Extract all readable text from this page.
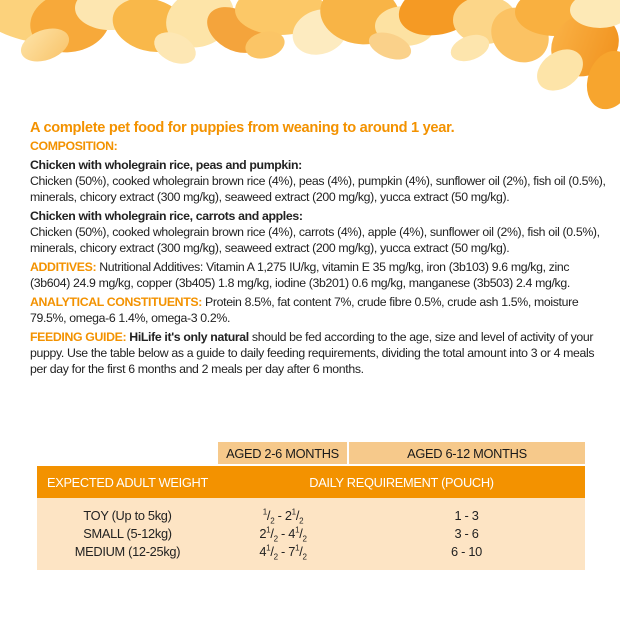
A complete pet food for puppies from weaning to around 1 year.

COMPOSITION:
Chicken with wholegrain rice, peas and pumpkin:

Chicken (50%), cooked wholegrain brown rice (4%), peas (4%), pumpkin (4%), sunflower oil (2%), fish oil (0.5%), minerals, chicory extract (300 mg/kg), seaweed extract (200 mg/kg), yucca extract (50 mg/kg).

Chicken with wholegrain rice, carrots and apples:

Chicken (50%), cooked wholegrain brown rice (4%), carrots (4%), apple (4%), sunflower oil (2%), fish oil (0.5%), minerals, chicory extract (300 mg/kg), seaweed extract (200 mg/kg), yucca extract (50 mg/kg).

ADDITIVES: Nutritional Additives: Vitamin A 1,275 IU/kg, vitamin E 35 mg/kg, iron (3b103) 9.6 mg/kg, zinc (3b604) 24.9 mg/kg, copper (3b405) 1.8 mg/kg, iodine (3b201) 0.6 mg/kg, manganese (3b503) 2.4 mg/kg.

ANALYTICAL CONSTITUENTS: Protein 8.5%, fat content 7%, crude fibre 0.5%, crude ash 1.5%, moisture 79.5%, omega-6 1.4%, omega-3 0.2%.

FEEDING GUIDE: HiLife it's only natural should be fed according to the age, size and level of activity of your puppy. Use the table below as a guide to daily feeding requirements, dividing the total amount into 3 or 4 meals per day for the first 6 months and 2 meals per day after 6 months.

	AGED 2-6 MONTHS	AGED 6-12 MONTHS
EXPECTED ADULT WEIGHT	DAILY REQUIREMENT (POUCH)	
TOY (Up to 5kg)	$^1/_2 - 2^1/_2$	1 - 3
SMALL (5-12kg)	$2^1/_2 - 4^1/_2$	3 - 6
MEDIUM (12-25kg)	$4^1/_2 - 7^1/_2$	6 - 10
